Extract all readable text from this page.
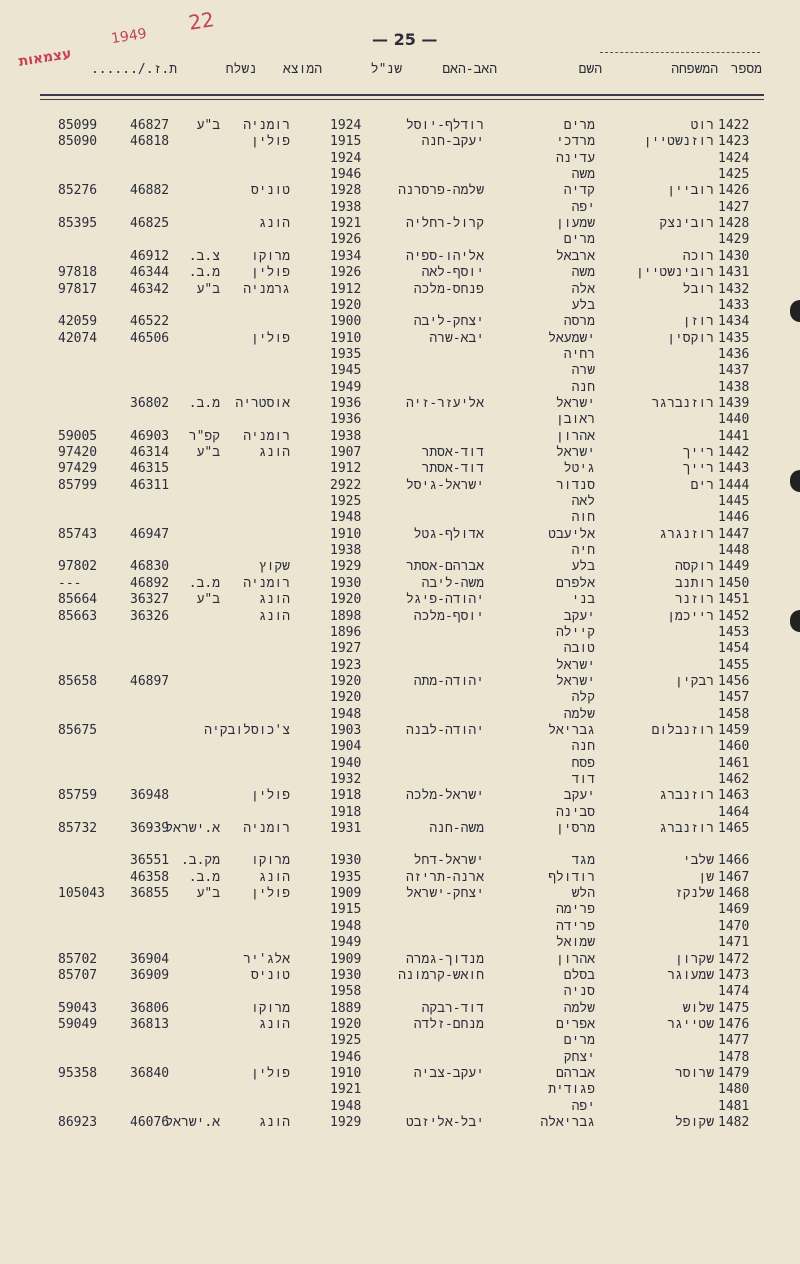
עצמאות
1949
22
— 25 —
מספר
המשפחה
השם
האב-האם
שנ"ל
המוצא
נשלח
ת.ז./......
1422
רוט
מרים
רודלף-יוסל
1924
רומניה
ב"ע
46827
85099
1423
רוזנשטיין
מרדכי
יעקב-חנה
1915
פולין
46818
85090
1424
עדינה
1924
1425
משה
1946
1426
רוביין
קדיה
שלמה-פרסרנה
1928
טוניס
46882
85276
1427
יפה
1938
1428
רובינצק
שמעון
קרול-רחליה
1921
הונג
46825
85395
1429
מרים
1926
1430
רוכה
ארבאל
אליהו-ספיה
1934
מרוקו
צ.ב.
46912
1431
רובינשטיין
משה
יוסף-לאה
1926
פולין
מ.ב.
46344
97818
1432
רובל
אלה
פנחס-מלכה
1912
גרמניה
ב"ע
46342
97817
1433
בלע
1920
1434
רוזן
מרסה
יצחק-ליבה
1900
46522
42059
1435
רוקסין
ישמעאל
יבא-שרה
1910
פולין
46506
42074
1436
רחיה
1935
1437
שרה
1945
1438
חנה
1949
1439
רוזנברגר
ישראל
אליעזר-זיה
1936
אוסטריה
מ.ב.
36802
1440
ראובן
1936
1441
אהרון
1938
רומניה
קפ"ר
46903
59005
1442
רייך
ישראל
דוד-אסתר
1907
הונג
ב"ע
46314
97420
1443
רייך
גיטל
דוד-אסתר
1912
46315
97429
1444
רים
סנדור
ישראל-גיסל
2922
46311
85799
1445
לאה
1925
1446
חוה
1948
1447
רוזנגרג
אליעבט
אדולף-גטל
1910
46947
85743
1448
חיה
1938
1449
רוקסה
בלע
אברהם-אסתר
1929
שקוץ
46830
97802
1450
רותנב
אלפרם
משה-ליבה
1930
רומניה
מ.ב.
46892
---
1451
רוזנר
בני
יהודה-פיגל
1920
הונג
ב"ע
36327
85664
1452
רייכמן
יעקב
יוסף-מלכה
1898
הונג
36326
85663
1453
קיילה
1896
1454
טובה
1927
1455
ישראל
1923
1456
רבקין
ישראל
יהודה-מתה
1920
46897
85658
1457
קלה
1920
1458
שלמה
1948
1459
רוזנבלום
גבריאל
יהודה-לבנה
1903
צ'כוסלובקיה
85675
1460
חנה
1904
1461
פסח
1940
1462
דוד
1932
1463
רוזנברג
יעקב
ישראל-מלכה
1918
פולין
36948
85759
1464
סבינה
1918
1465
רוזנברג
מרסין
משה-חנה
1931
רומניה
א.ישראל
36939
85732
1466
שלבי
מגד
ישראל-דחל
1930
מרוקו
מק.ב.
36551
1467
שן
רודולף
ארנה-תריזה
1935
הונג
מ.ב.
46358
1468
שלנקז
הלש
יצחק-ישראל
1909
פולין
ב"ע
36855
105043
1469
פרימה
1915
1470
פרידה
1948
1471
שמואל
1949
1472
שקרון
אהרון
מנדוך-גמרה
1909
אלג'יר
36904
85702
1473
שמעוגר
בסלם
חואש-קרמונה
1930
טוניס
36909
85707
1474
סניה
1958
1475
שלוש
שלמה
דוד-רבקה
1889
מרוקו
36806
59043
1476
שטייגר
אפרים
מנחם-זלדה
1920
הונג
36813
59049
1477
מרים
1925
1478
יצחק
1946
1479
שרוסר
אברהם
יעקב-צביה
1910
פולין
36840
95358
1480
פגודית
1921
1481
יפה
1948
1482
שקופל
גבריאלה
יבל-אליזבט
1929
הונג
א.ישראל
46076
86923
